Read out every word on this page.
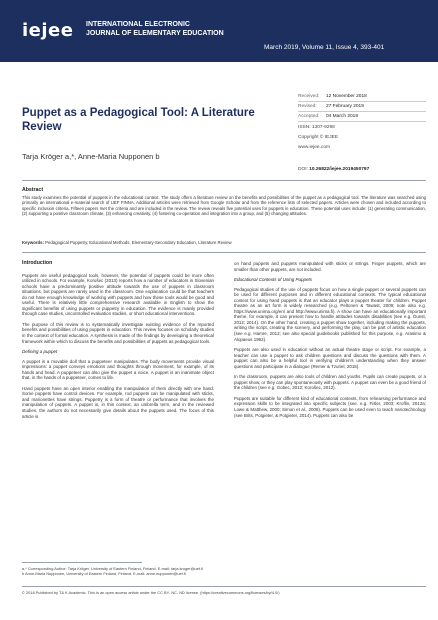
iejee INTERNATIONAL ELECTRONIC
JOURNAL OF ELEMENTARY EDUCATION
March 2019, Volume 11, Issue 4, 393-401
Puppet as a Pedagogical Tool: A Literature Review
Tarja Kröger a,*, Anne-Maria Nupponen b
Received:	12 November 2018
Revised:	27 February 2019
Accepted:	04 March 2019
ISSN: 1307-9298
Copyright © IEJEE
www.iejee.com
DOI: 10.26822/iejee.2019450797
Abstract
This study examines the potential of puppets in the educational context. The study offers a literature review on the benefits and possibilities of the puppet as a pedagogical tool. The literature was searched using primarily an international e-material search of UEF FINNA. Additional articles were retrieved from Google Scholar and from the reference lists of selected papers. Articles were chosen and included according to specific inclusion criteria. Fifteen papers met the criteria and are included in the review. The review reveals five potential uses for puppets in education. These potential uses include: (1) generating communication, (2) supporting a positive classroom climate, (3) enhancing creativity, (4) fostering co-operation and integration into a group, and (5) changing attitudes.
Keywords: Pedagogical Puppetry, Educational Methods, Elementary-Secondary Education, Literature Review
Introduction

Puppets are useful pedagogical tools, however, the potential of puppets could be more often utilized in schools. For example, Korošec (2013) reports how a number of educators in Slovenian schools have a predominantly positive attitude towards the use of puppets in classroom situations, but puppets are rarely used in the classroom. One explanation could be that teachers do not have enough knowledge of working with puppets and how these tools would be good and useful. There is relatively little comprehensive research available in English to show the significant benefits of using puppets or puppetry in education. The evidence is mainly provided through case studies, uncontrolled evaluation studies, or short educational interventions.

The purpose of this review is to systematically investigate existing evidence of the reported benefits and possibilities of using puppets in education. This review focuses on scholarly studies in the context of formal education. A synthesis is made of the findings by developing a theoretical framework within which to discuss the benefits and possibilities of puppets as pedagogical tools.

Defining a puppet

A puppet is a movable doll that a puppeteer manipulates. The body movements provide visual impressions: a puppet conveys emotions and thoughts through movement, for example, of its hands and head. A puppeteer can also give the puppet a voice. A puppet is an inanimate object that, in the hands of a puppeteer, comes to life.

Hand puppets have an open interior enabling the manipulation of them directly with one hand. Some puppets have control devices. For example, rod puppets can be manipulated with sticks, and marionettes have strings. Puppetry is a form of theatre or performance that involves the manipulation of puppets. A puppet is, in this context, an umbrella term, and in the reviewed studies, the authors do not necessarily give details about the puppets used. The focus of this article is

on hand puppets and puppets manipulated with sticks or strings. Finger puppets, which are smaller than other puppets, are not included.

Educational Contexts of Using Puppets

Pedagogical studies of the use of puppets focus on how a single puppet or several puppets can be used for different purposes and in different educational contexts. The typical educational context for using hand puppets is that an educator plays a puppet theater for children. Puppet theatre as an art form is widely researched (e.g. Peltonen & Tawast, 2009; note also e.g. https://www.unima.org/en/ and http://www.unima.fi). A show can have an educationally important theme, for example, it can present how to handle attitudes towards disabilities (see e.g. Dunst, 2012; 2014). On the other hand, creating a puppet show together, including making the puppets, writing the script, creating the scenery, and performing the play, can be part of artistic education (see e.g. Hamre, 2012; see also special guidebooks published for this purpose, e.g. Arasimo & Alopaeus 1992).

Puppets are also used in education without an actual theatre stage or script. For example, a teacher can use a puppet to ask children questions and discuss the questions with them. A puppet can also be a helpful tool in verifying children's understanding when they answer questions and participate in a dialogue (Remer & Tzuriel, 2015).

In the classroom, puppets are also tools of children and youths. Pupils can create puppets, or a puppet show, or they can play spontaneously with puppets. A puppet can even be a good friend of the children (see e.g. Gobec, 2012; Korošec, 2012).

Puppets are suitable for different kind of educational contexts, from rehearsing performance and expression skills to be integrated into specific subjects (see. e.g. Fisler, 2003; Kroflin, 2012a; Lowe & Matthew, 2000; Simon et al., 2008). Puppets can be used even to teach nanotechnology (see Brits, Potgieter, & Potgieter, 2014). Puppets can also be

a,* Corresponding Author: Tarja Kröger, University of Eastern Finland, Finland. E-mail: tarja.kroger@uef.fi
b Anne-Maria Nupponen, University of Eastern Finland, Finland. E-mail: anne.nupponen@uef.fi
© 2018 Published by T& K Academic. This is an open access article under the CC BY- NC- ND license. (https://creativecommons.org/licenses/by/4.0/)
